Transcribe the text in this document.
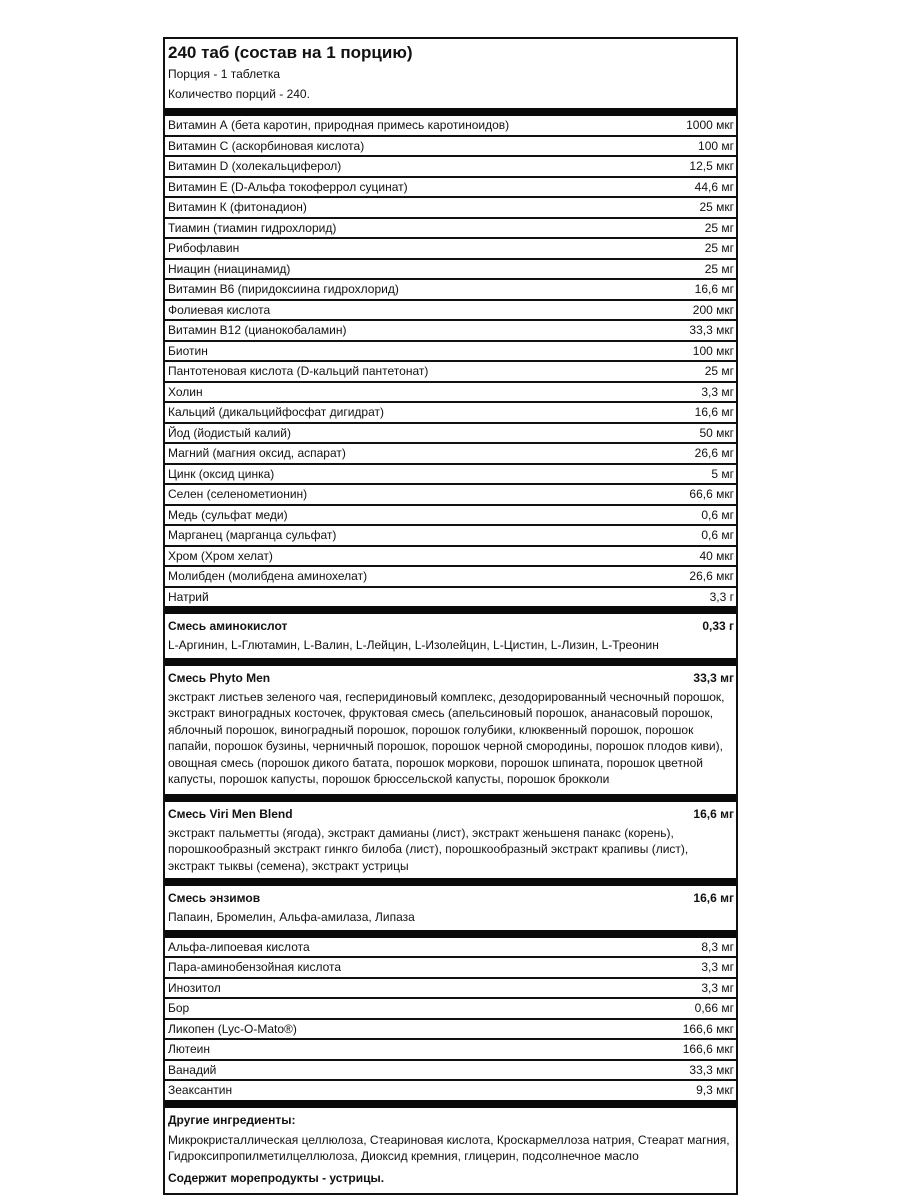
240 таб (состав на 1 порцию)
Порция - 1 таблетка
Количество порций - 240.
Витамин А (бета каротин, природная примесь каротиноидов)	1000 мкг
Витамин С (аскорбиновая кислота)	100 мг
Витамин D (холекальциферол)	12,5 мкг
Витамин E (D-Альфа токоферрол суцинат)	44,6 мг
Витамин К (фитонадион)	25 мкг
Тиамин (тиамин гидрохлорид)	25 мг
Рибофлавин	25 мг
Ниацин (ниацинамид)	25 мг
Витамин В6 (пиридоксиина гидрохлорид)	16,6 мг
Фолиевая кислота	200 мкг
Витамин В12 (цианокобаламин)	33,3 мкг
Биотин	100 мкг
Пантотеновая кислота (D-кальций пантетонат)	25 мг
Холин	3,3 мг
Кальций (дикальцийфосфат дигидрат)	16,6 мг
Йод (йодистый калий)	50 мкг
Магний (магния оксид, аспарат)	26,6 мг
Цинк (оксид цинка)	5 мг
Селен (селенометионин)	66,6 мкг
Медь (сульфат меди)	0,6 мг
Марганец (марганца сульфат)	0,6 мг
Хром (Хром хелат)	40 мкг
Молибден (молибдена аминохелат)	26,6 мкг
Натрий	3,3 г
Смесь аминокислот	0,33 г
L-Аргинин, L-Глютамин, L-Валин, L-Лейцин, L-Изолейцин, L-Цистин, L-Лизин, L-Треонин
Смесь Phyto Men	33,3 мг
экстракт листьев зеленого чая, гесперидиновый комплекс, дезодорированный чесночный порошок, экстракт виноградных косточек, фруктовая смесь (апельсиновый порошок, ананасовый порошок, яблочный порошок, виноградный порошок, порошок голубики, клюквенный порошок, порошок папайи, порошок бузины, черничный порошок, порошок черной смородины, порошок плодов киви), овощная смесь (порошок дикого батата, порошок моркови, порошок шпината, порошок цветной капусты, порошок капусты, порошок брюссельской капусты, порошок брокколи
Смесь Viri Men Blend	16,6 мг
экстракт пальметты (ягода), экстракт дамианы (лист), экстракт женьшеня панакс (корень), порошкообразный экстракт гинкго билоба (лист), порошкообразный экстракт крапивы (лист), экстракт тыквы (семена), экстракт устрицы
Смесь энзимов	16,6 мг
Папаин, Бромелин, Альфа-амилаза, Липаза
Альфа-липоевая кислота	8,3 мг
Пара-аминобензойная кислота	3,3 мг
Инозитол	3,3 мг
Бор	0,66 мг
Ликопен (Lyc-O-Mato®)	166,6 мкг
Лютеин	166,6 мкг
Ванадий	33,3 мкг
Зеаксантин	9,3 мкг
Другие ингредиенты:
Микрокристаллическая целлюлоза, Стеариновая кислота, Кроскармеллоза натрия, Стеарат магния, Гидроксипропилметилцеллюлоза, Диоксид кремния, глицерин, подсолнечное масло
Содержит морепродукты - устрицы.
